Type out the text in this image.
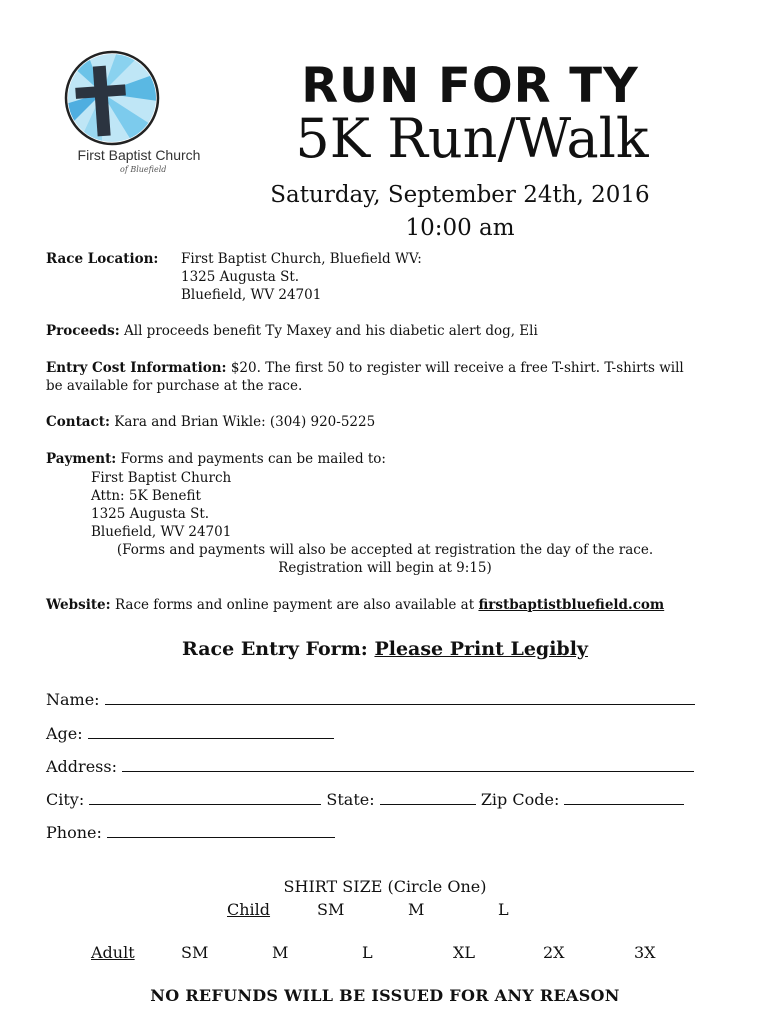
First Baptist Church
of Bluefield
RUN FOR TY
5K Run/Walk
Saturday, September 24th, 2016
10:00 am
Race Location: First Baptist Church, Bluefield WV:
1325 Augusta St.
Bluefield, WV 24701
Proceeds: All proceeds benefit Ty Maxey and his diabetic alert dog, Eli
Entry Cost Information: $20. The first 50 to register will receive a free T-shirt. T-shirts will
be available for purchase at the race.
Contact: Kara and Brian Wikle: (304) 920-5225
Payment: Forms and payments can be mailed to:
First Baptist Church
Attn: 5K Benefit
1325 Augusta St.
Bluefield, WV 24701
(Forms and payments will also be accepted at registration the day of the race.
Registration will begin at 9:15)
Website: Race forms and online payment are also available at firstbaptistbluefield.com
Race Entry Form: Please Print Legibly
Name:
Age:
Address:
City:	State:	Zip Code:
Phone:
SHIRT SIZE (Circle One)
Child	SM	M	L
Adult	SM	M	L	XL	2X	3X
NO REFUNDS WILL BE ISSUED FOR ANY REASON
